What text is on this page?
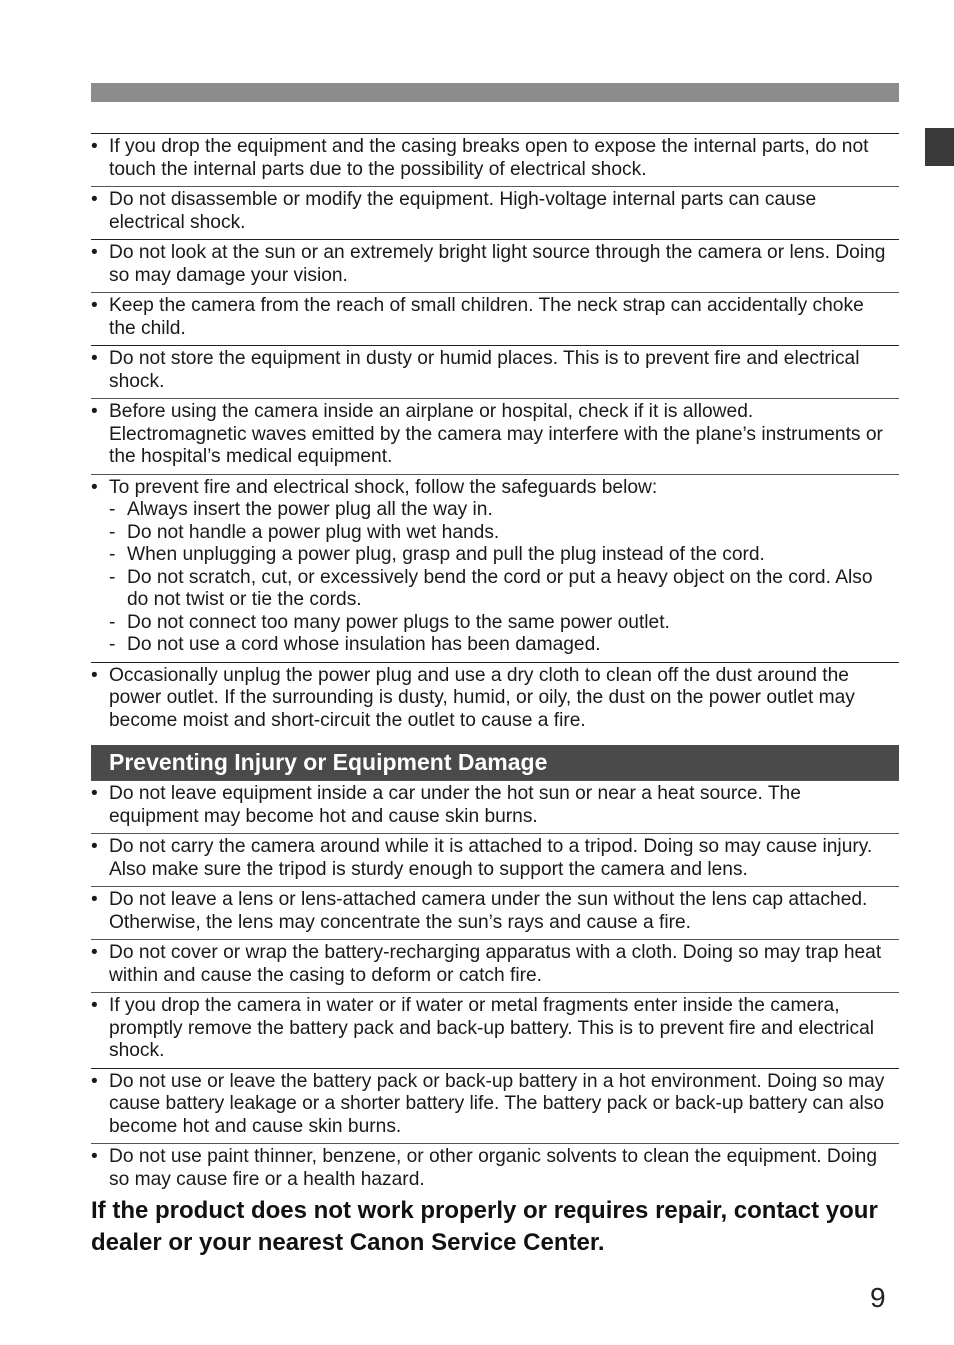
• If you drop the equipment and the casing breaks open to expose the internal parts, do not touch the internal parts due to the possibility of electrical shock.
• Do not disassemble or modify the equipment. High-voltage internal parts can cause electrical shock.
• Do not look at the sun or an extremely bright light source through the camera or lens. Doing so may damage your vision.
• Keep the camera from the reach of small children. The neck strap can accidentally choke the child.
• Do not store the equipment in dusty or humid places. This is to prevent fire and electrical shock.
• Before using the camera inside an airplane or hospital, check if it is allowed. Electromagnetic waves emitted by the camera may interfere with the plane’s instruments or the hospital’s medical equipment.
• To prevent fire and electrical shock, follow the safeguards below:
- Always insert the power plug all the way in.
- Do not handle a power plug with wet hands.
- When unplugging a power plug, grasp and pull the plug instead of the cord.
- Do not scratch, cut, or excessively bend the cord or put a heavy object on the cord. Also do not twist or tie the cords.
- Do not connect too many power plugs to the same power outlet.
- Do not use a cord whose insulation has been damaged.
• Occasionally unplug the power plug and use a dry cloth to clean off the dust around the power outlet. If the surrounding is dusty, humid, or oily, the dust on the power outlet may become moist and short-circuit the outlet to cause a fire.
Preventing Injury or Equipment Damage
• Do not leave equipment inside a car under the hot sun or near a heat source. The equipment may become hot and cause skin burns.
• Do not carry the camera around while it is attached to a tripod. Doing so may cause injury. Also make sure the tripod is sturdy enough to support the camera and lens.
• Do not leave a lens or lens-attached camera under the sun without the lens cap attached. Otherwise, the lens may concentrate the sun’s rays and cause a fire.
• Do not cover or wrap the battery-recharging apparatus with a cloth. Doing so may trap heat within and cause the casing to deform or catch fire.
• If you drop the camera in water or if water or metal fragments enter inside the camera, promptly remove the battery pack and back-up battery. This is to prevent fire and electrical shock.
• Do not use or leave the battery pack or back-up battery in a hot environment. Doing so may cause battery leakage or a shorter battery life. The battery pack or back-up battery can also become hot and cause skin burns.
• Do not use paint thinner, benzene, or other organic solvents to clean the equipment. Doing so may cause fire or a health hazard.
If the product does not work properly or requires repair, contact your dealer or your nearest Canon Service Center.
9
